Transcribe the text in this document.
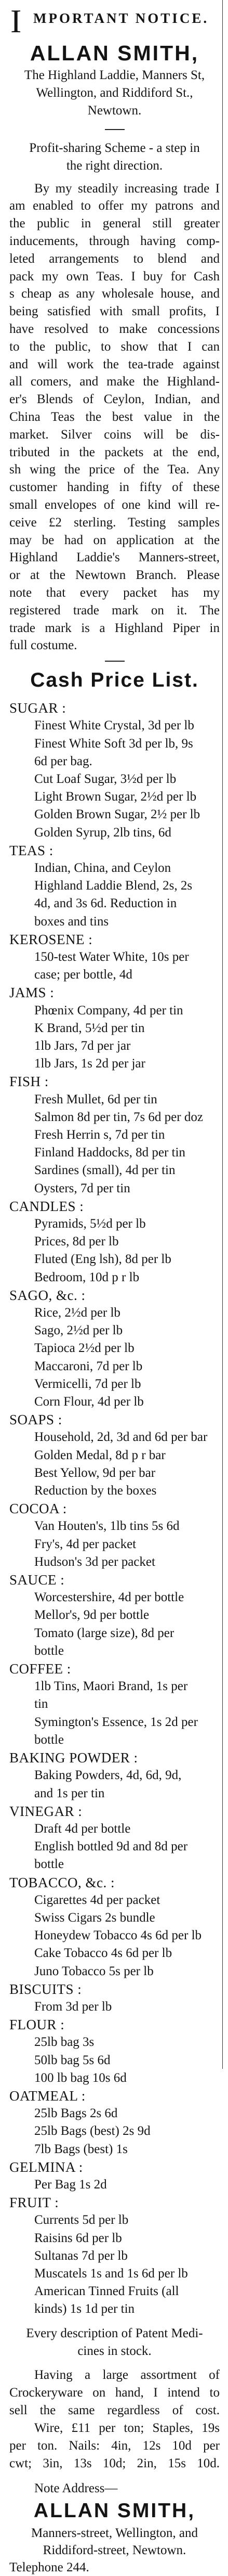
I MPORTANT NOTICE.
ALLAN SMITH,
The Highland Laddie, Manners St,
Wellington, and Riddiford St.,
Newtown.
Profit-sharing Scheme - a step in
the right direction.
By my steadily increasing trade I
am enabled to offer my patrons and
the public in general still greater
inducements, through having comp-
leted arrangements to blend and
pack my own Teas. I buy for Cash
s cheap as any wholesale house, and
being satisfied with small profits, I
have resolved to make concessions
to the public, to show that I can
and will work the tea-trade against
all comers, and make the Highland-
er's Blends of Ceylon, Indian, and
China Teas the best value in the
market. Silver coins will be dis-
tributed in the packets at the end,
sh wing the price of the Tea. Any
customer handing in fifty of these
small envelopes of one kind will re-
ceive £2 sterling. Testing samples
may be had on application at the
Highland Laddie's Manners-street,
or at the Newtown Branch. Please
note that every packet has my
registered trade mark on it. The
trade mark is a Highland Piper in
full costume.
Cash Price List.
SUGAR :
Finest White Crystal, 3d per lb
Finest White Soft 3d per lb, 9s
6d per bag.
Cut Loaf Sugar, 3½d per lb
Light Brown Sugar, 2½d per lb
Golden Brown Sugar, 2½ per lb
Golden Syrup, 2lb tins, 6d
TEAS :
Indian, China, and Ceylon
Highland Laddie Blend, 2s, 2s
4d, and 3s 6d. Reduction in
boxes and tins
KEROSENE :
150-test Water White, 10s per
case; per bottle, 4d
JAMS :
Phœnix Company, 4d per tin
K Brand, 5½d per tin
1lb Jars, 7d per jar
1lb Jars, 1s 2d per jar
FISH :
Fresh Mullet, 6d per tin
Salmon 8d per tin, 7s 6d per doz
Fresh Herrin s, 7d per tin
Finland Haddocks, 8d per tin
Sardines (small), 4d per tin
Oysters, 7d per tin
CANDLES :
Pyramids, 5½d per lb
Prices, 8d per lb
Fluted (Eng lsh), 8d per lb
Bedroom, 10d p r lb
SAGO, &c. :
Rice, 2½d per lb
Sago, 2½d per lb
Tapioca 2½d per lb
Maccaroni, 7d per lb
Vermicelli, 7d per lb
Corn Flour, 4d per lb
SOAPS :
Household, 2d, 3d and 6d per bar
Golden Medal, 8d p r bar
Best Yellow, 9d per bar
Reduction by the boxes
COCOA :
Van Houten's, 1lb tins 5s 6d
Fry's, 4d per packet
Hudson's 3d per packet
SAUCE :
Worcestershire, 4d per bottle
Mellor's, 9d per bottle
Tomato (large size), 8d per
bottle
COFFEE :
1lb Tins, Maori Brand, 1s per
tin
Symington's Essence, 1s 2d per
bottle
BAKING POWDER :
Baking Powders, 4d, 6d, 9d,
and 1s per tin
VINEGAR :
Draft 4d per bottle
English bottled 9d and 8d per
bottle
TOBACCO, &c. :
Cigarettes 4d per packet
Swiss Cigars 2s bundle
Honeydew Tobacco 4s 6d per lb
Cake Tobacco 4s 6d per lb
Juno Tobacco 5s per lb
BISCUITS :
From 3d per lb
FLOUR :
25lb bag 3s
50lb bag 5s 6d
100 lb bag 10s 6d
OATMEAL :
25lb Bags 2s 6d
25lb Bags (best) 2s 9d
7lb Bags (best) 1s
GELMINA :
Per Bag 1s 2d
FRUIT :
Currents 5d per lb
Raisins 6d per lb
Sultanas 7d per lb
Muscatels 1s and 1s 6d per lb
American Tinned Fruits (all
kinds) 1s 1d per tin
Every description of Patent Medi-
cines in stock.
Having a large assortment of
Crockeryware on hand, I intend to
sell the same regardless of cost.
Wire, £11 per ton; Staples, 19s
per ton. Nails: 4in, 12s 10d per
cwt; 3in, 13s 10d; 2in, 15s 10d.
Note Address—
ALLAN SMITH,
Manners-street, Wellington, and
Riddiford-street, Newtown.
Telephone 244.
